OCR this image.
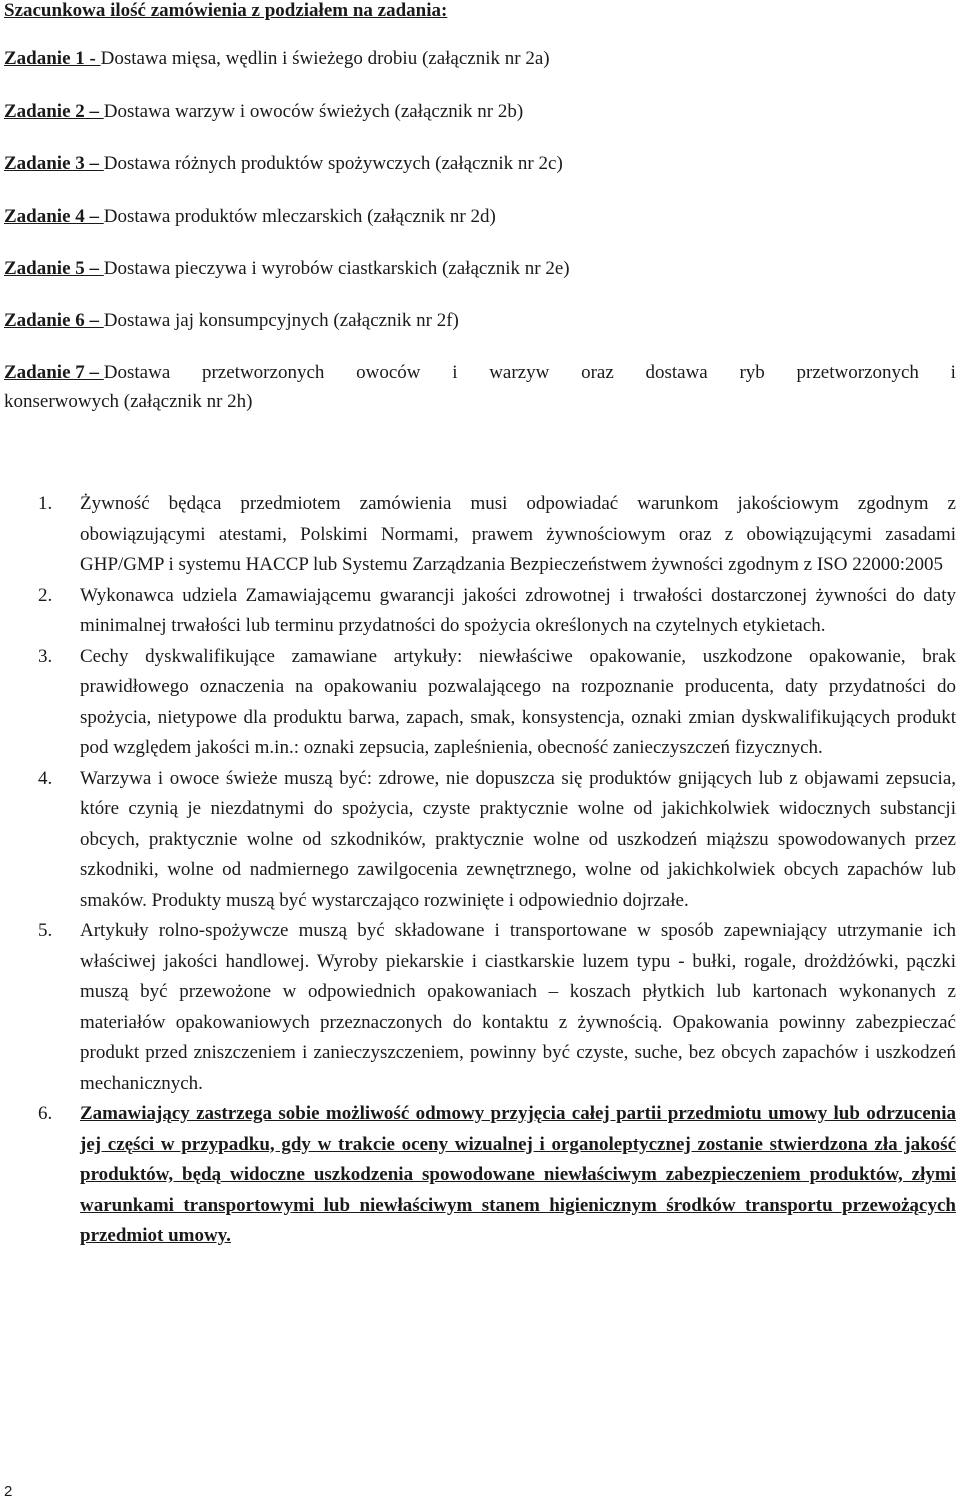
Szacunkowa ilość zamówienia z podziałem na zadania:
Zadanie 1 - Dostawa mięsa, wędlin i świeżego drobiu (załącznik nr 2a)
Zadanie 2 – Dostawa warzyw i owoców świeżych (załącznik nr 2b)
Zadanie 3 – Dostawa różnych produktów spożywczych (załącznik nr 2c)
Zadanie 4 – Dostawa produktów mleczarskich (załącznik nr 2d)
Zadanie 5 – Dostawa pieczywa i wyrobów ciastkarskich (załącznik nr 2e)
Zadanie 6 – Dostawa jaj konsumpcyjnych (załącznik nr 2f)
Zadanie 7 – Dostawa przetworzonych owoców i warzyw oraz dostawa ryb przetworzonych i
konserwowych (załącznik nr 2h)
1. Żywność będąca przedmiotem zamówienia musi odpowiadać warunkom jakościowym zgodnym z obowiązującymi atestami, Polskimi Normami, prawem żywnościowym oraz z obowiązującymi zasadami GHP/GMP i systemu HACCP lub Systemu Zarządzania Bezpieczeństwem żywności zgodnym z ISO 22000:2005
2. Wykonawca udziela Zamawiającemu gwarancji jakości zdrowotnej i trwałości dostarczonej żywności do daty minimalnej trwałości lub terminu przydatności do spożycia określonych na czytelnych etykietach.
3. Cechy dyskwalifikujące zamawiane artykuły: niewłaściwe opakowanie, uszkodzone opakowanie, brak prawidłowego oznaczenia na opakowaniu pozwalającego na rozpoznanie producenta, daty przydatności do spożycia, nietypowe dla produktu barwa, zapach, smak, konsystencja, oznaki zmian dyskwalifikujących produkt pod względem jakości m.in.: oznaki zepsucia, zapleśnienia, obecność zanieczyszczeń fizycznych.
4. Warzywa i owoce świeże muszą być: zdrowe, nie dopuszcza się produktów gnijących lub z objawami zepsucia, które czynią je niezdatnymi do spożycia, czyste praktycznie wolne od jakichkolwiek widocznych substancji obcych, praktycznie wolne od szkodników, praktycznie wolne od uszkodzeń miąższu spowodowanych przez szkodniki, wolne od nadmiernego zawilgocenia zewnętrznego, wolne od jakichkolwiek obcych zapachów lub smaków. Produkty muszą być wystarczająco rozwinięte i odpowiednio dojrzałe.
5. Artykuły rolno-spożywcze muszą być składowane i transportowane w sposób zapewniający utrzymanie ich właściwej jakości handlowej. Wyroby piekarskie i ciastkarskie luzem typu - bułki, rogale, drożdżówki, pączki muszą być przewożone w odpowiednich opakowaniach – koszach płytkich lub kartonach wykonanych z materiałów opakowaniowych przeznaczonych do kontaktu z żywnością. Opakowania powinny zabezpieczać produkt przed zniszczeniem i zanieczyszczeniem, powinny być czyste, suche, bez obcych zapachów i uszkodzeń mechanicznych.
6. Zamawiający zastrzega sobie możliwość odmowy przyjęcia całej partii przedmiotu umowy lub odrzucenia jej części w przypadku, gdy w trakcie oceny wizualnej i organoleptycznej zostanie stwierdzona zła jakość produktów, będą widoczne uszkodzenia spowodowane niewłaściwym zabezpieczeniem produktów, złymi warunkami transportowymi lub niewłaściwym stanem higienicznym środków transportu przewożących przedmiot umowy.
2
